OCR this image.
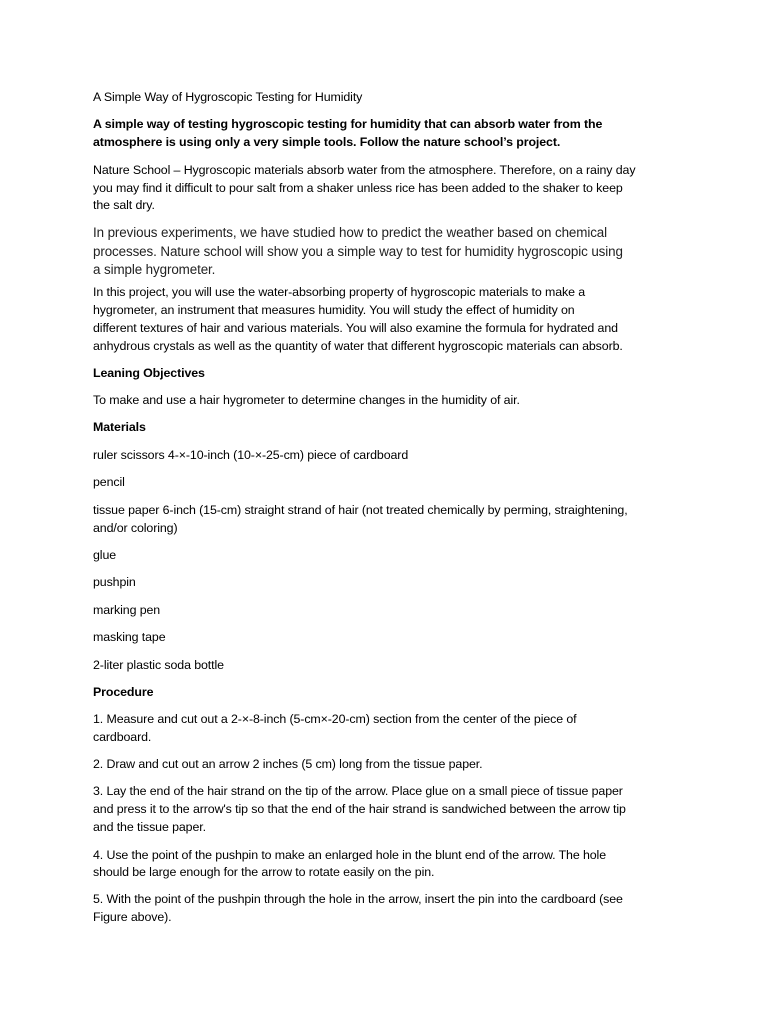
A Simple Way of Hygroscopic Testing for Humidity
A simple way of testing hygroscopic testing for humidity that can absorb water from the
atmosphere is using only a very simple tools. Follow the nature school’s project.
Nature School – Hygroscopic materials absorb water from the atmosphere. Therefore, on a rainy day
you may find it difficult to pour salt from a shaker unless rice has been added to the shaker to keep
the salt dry.
In previous experiments, we have studied how to predict the weather based on chemical
processes. Nature school will show you a simple way to test for humidity hygroscopic using
a simple hygrometer.
In this project, you will use the water-absorbing property of hygroscopic materials to make a
hygrometer, an instrument that measures humidity. You will study the effect of humidity on
different textures of hair and various materials. You will also examine the formula for hydrated and
anhydrous crystals as well as the quantity of water that different hygroscopic materials can absorb.
Leaning Objectives
To make and use a hair hygrometer to determine changes in the humidity of air.
Materials
ruler scissors 4-×-10-inch (10-×-25-cm) piece of cardboard
pencil
tissue paper 6-inch (15-cm) straight strand of hair (not treated chemically by perming, straightening,
and/or coloring)
glue
pushpin
marking pen
masking tape
2-liter plastic soda bottle
Procedure
1. Measure and cut out a 2-×-8-inch (5-cm×-20-cm) section from the center of the piece of
cardboard.
2. Draw and cut out an arrow 2 inches (5 cm) long from the tissue paper.
3. Lay the end of the hair strand on the tip of the arrow. Place glue on a small piece of tissue paper
and press it to the arrow's tip so that the end of the hair strand is sandwiched between the arrow tip
and the tissue paper.
4. Use the point of the pushpin to make an enlarged hole in the blunt end of the arrow. The hole
should be large enough for the arrow to rotate easily on the pin.
5. With the point of the pushpin through the hole in the arrow, insert the pin into the cardboard (see
Figure above).
